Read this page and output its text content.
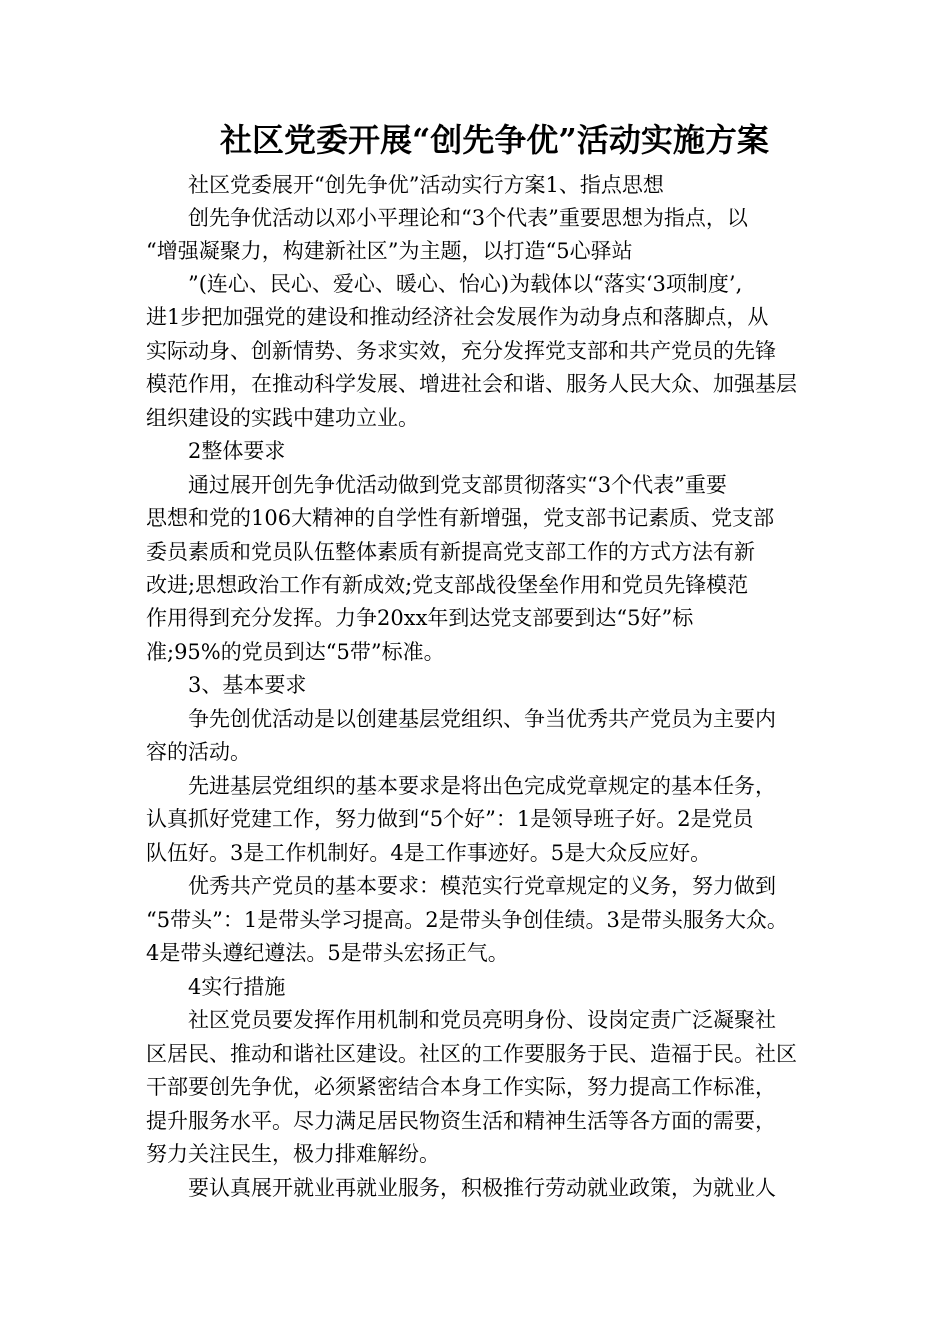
社区党委开展“创先争优”活动实施方案
社区党委展开“创先争优”活动实行方案1、指点思想
创先争优活动以邓小平理论和“3个代表”重要思想为指点，以
“增强凝聚力，构建新社区”为主题，以打造“5心驿站
”(连心、民心、爱心、暖心、怡心)为载体以“落实‘3项制度’,
进1步把加强党的建设和推动经济社会发展作为动身点和落脚点，从
实际动身、创新情势、务求实效，充分发挥党支部和共产党员的先锋
模范作用，在推动科学发展、增进社会和谐、服务人民大众、加强基层
组织建设的实践中建功立业。
2整体要求
通过展开创先争优活动做到党支部贯彻落实“3个代表”重要
思想和党的106大精神的自学性有新增强，党支部书记素质、党支部
委员素质和党员队伍整体素质有新提高党支部工作的方式方法有新
改进;思想政治工作有新成效;党支部战役堡垒作用和党员先锋模范
作用得到充分发挥。力争20xx年到达党支部要到达“5好”标
准;95%的党员到达“5带”标准。
3、基本要求
争先创优活动是以创建基层党组织、争当优秀共产党员为主要内
容的活动。
先进基层党组织的基本要求是将出色完成党章规定的基本任务，
认真抓好党建工作，努力做到“5个好”：1是领导班子好。2是党员
队伍好。3是工作机制好。4是工作事迹好。5是大众反应好。
优秀共产党员的基本要求：模范实行党章规定的义务，努力做到
“5带头”：1是带头学习提高。2是带头争创佳绩。3是带头服务大众。
4是带头遵纪遵法。5是带头宏扬正气。
4实行措施
社区党员要发挥作用机制和党员亮明身份、设岗定责广泛凝聚社
区居民、推动和谐社区建设。社区的工作要服务于民、造福于民。社区
干部要创先争优，必须紧密结合本身工作实际，努力提高工作标准，
提升服务水平。尽力满足居民物资生活和精神生活等各方面的需要，
努力关注民生，极力排难解纷。
要认真展开就业再就业服务，积极推行劳动就业政策，为就业人
